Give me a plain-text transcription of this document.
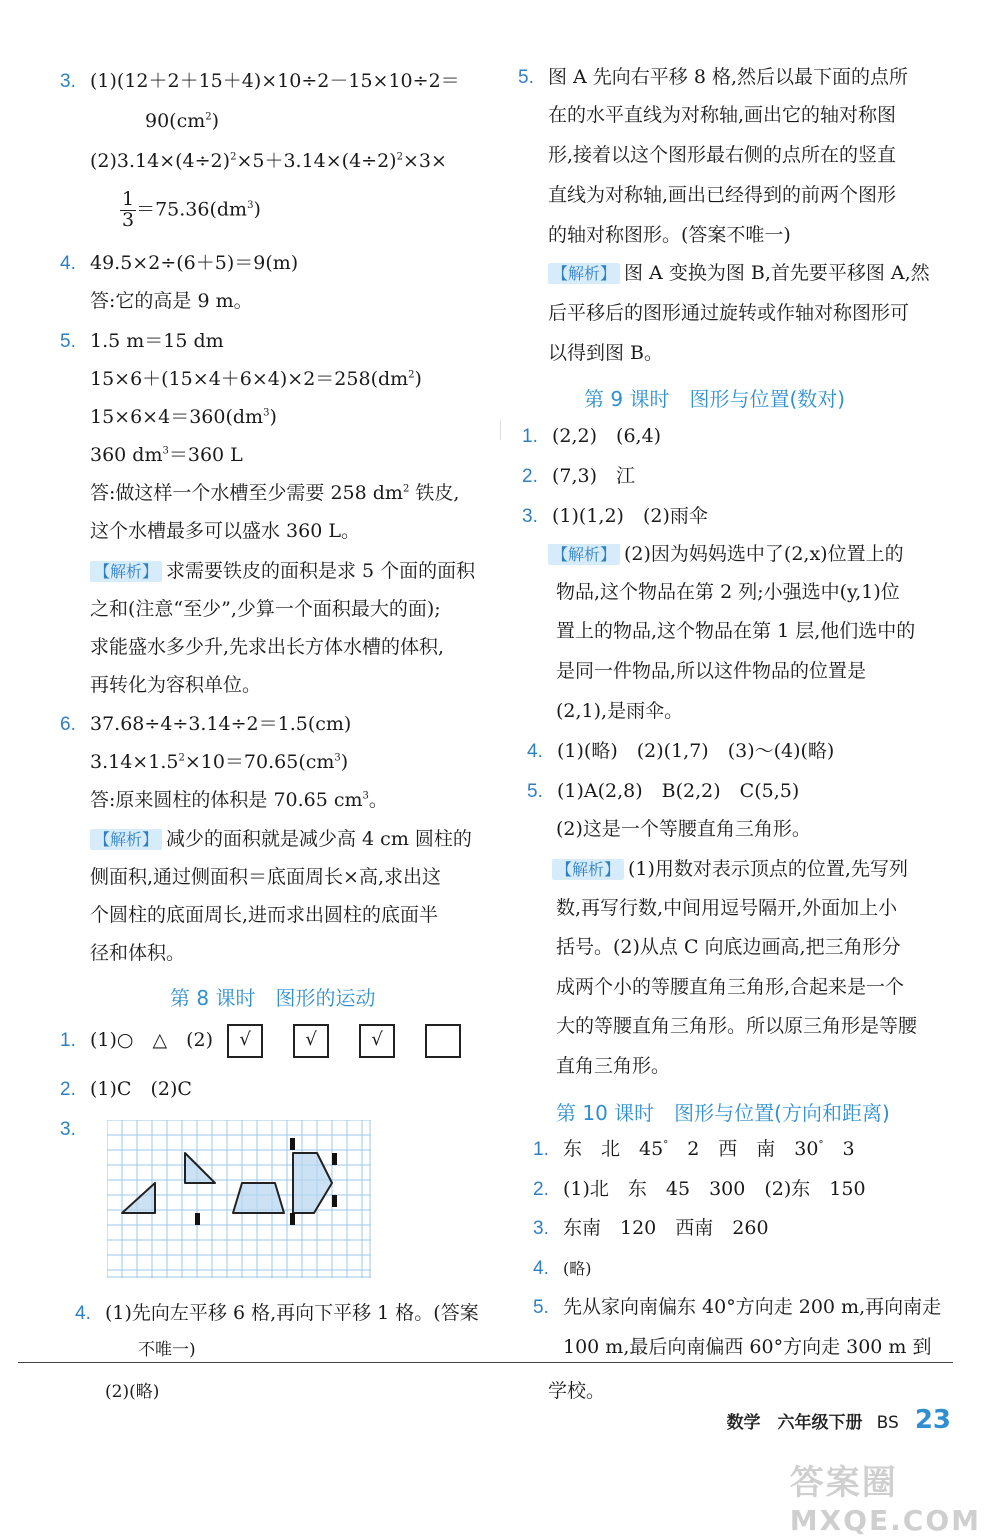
3. (1)(12＋2＋15＋4)×10÷2－15×10÷2＝
$90(cm^2)$
$(2)3.14\times(4\div 2)^2\times 5+3.14\times(4\div 2)^2\times 3\times$
$\frac{1}{3} =75.36(dm^3)$
4. 49.5×2÷(6＋5)＝9(m)
答:它的高是 9 m。
5. 1.5 m＝15 dm
$15\times 6+(15\times 4+6\times 4)\times 2=258(dm^2)$
$15\times 6\times 4=360(dm^3)$
360 $dm^3=360$ L
答:做这样一个水槽至少需要 258 $dm^2$ 铁皮,
这个水槽最多可以盛水 360 L。
【解析】 求需要铁皮的面积是求 5 个面的面积
之和(注意“至少”,少算一个面积最大的面);
求能盛水多少升,先求出长方体水槽的体积,
再转化为容积单位。
6. 37.68÷4÷3.14÷2＝1.5(cm)
$3.14\times 1.5^2\times 10=70.65(cm^3)$
答:原来圆柱的体积是 70.65 $cm^3$。
【解析】 减少的面积就是减少高 4 cm 圆柱的
侧面积,通过侧面积＝底面周长×高,求出这
个圆柱的底面周长,进而求出圆柱的底面半
径和体积。
第 8 课时　图形的运动
1. (1)○　△　(2) √	√	√
2. (1)C　(2)C
3.
4. (1)先向左平移 6 格,再向下平移 1 格。(答案
不唯一)
(2)(略)
5. 图 A 先向右平移 8 格,然后以最下面的点所
在的水平直线为对称轴,画出它的轴对称图
形,接着以这个图形最右侧的点所在的竖直
直线为对称轴,画出已经得到的前两个图形
的轴对称图形。(答案不唯一)
【解析】 图 A 变换为图 B,首先要平移图 A,然
后平移后的图形通过旋转或作轴对称图形可
以得到图 B。
第 9 课时　图形与位置(数对)
1. (2,2)　(6,4)
2. (7,3)　江
3. (1)(1,2)　(2)雨伞
【解析】 (2)因为妈妈选中了(2,x)位置上的
物品,这个物品在第 2 列;小强选中(y,1)位
置上的物品,这个物品在第 1 层,他们选中的
是同一件物品,所以这件物品的位置是
(2,1),是雨伞。
4. (1)(略)　(2)(1,7)　(3)～(4)(略)
5. (1)A(2,8)　B(2,2)　C(5,5)
(2)这是一个等腰直角三角形。
【解析】 (1)用数对表示顶点的位置,先写列
数,再写行数,中间用逗号隔开,外面加上小
括号。(2)从点 C 向底边画高,把三角形分
成两个小的等腰直角三角形,合起来是一个
大的等腰直角三角形。所以原三角形是等腰
直角三角形。
第 10 课时　图形与位置(方向和距离)
1. 东　北　45°　2　西　南　30°　3
2. (1)北　东　45　300　(2)东　150
3. 东南　120　西南　260
4. (略)
5. 先从家向南偏东 40°方向走 200 m,再向南走
100 m,最后向南偏西 60°方向走 300 m 到
学校。
数学　六年级下册 BS 23
答案圈
MXQE.COM
